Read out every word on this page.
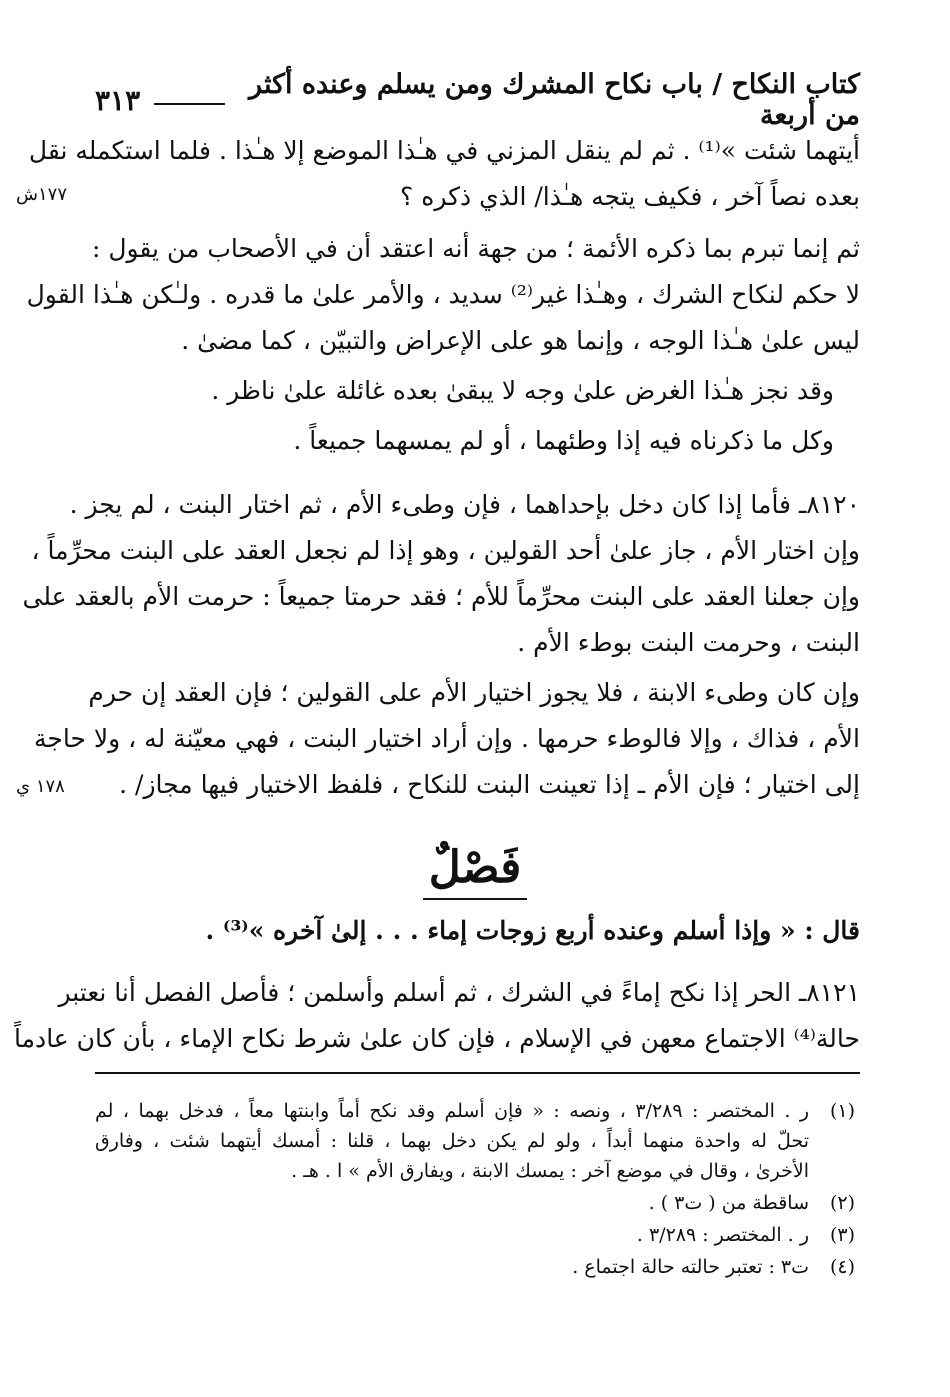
كتاب النكاح / باب نكاح المشرك ومن يسلم وعنده أكثر من أربعة
٣١٣
أيتهما شئت »⁽¹⁾ . ثم لم ينقل المزني في هـٰذا الموضع إلا هـٰذا . فلما استكمله نقل
بعده نصاً آخر ، فكيف يتجه هـٰذا/ الذي ذكره ؟
١٧٧ش
ثم إنما تبرم بما ذكره الأئمة ؛ من جهة أنه اعتقد أن في الأصحاب من يقول :
لا حكم لنكاح الشرك ، وهـٰذا غير⁽²⁾ سديد ، والأمر علىٰ ما قدره . ولـٰكن هـٰذا القول
ليس علىٰ هـٰذا الوجه ، وإنما هو على الإعراض والتبيّن ، كما مضىٰ .
وقد نجز هـٰذا الغرض علىٰ وجه لا يبقىٰ بعده غائلة علىٰ ناظر .
وكل ما ذكرناه فيه إذا وطئهما ، أو لم يمسهما جميعاً .
٨١٢٠ـ فأما إذا كان دخل بإحداهما ، فإن وطىء الأم ، ثم اختار البنت ، لم يجز .
وإن اختار الأم ، جاز علىٰ أحد القولين ، وهو إذا لم نجعل العقد على البنت محرِّماً ،
وإن جعلنا العقد على البنت محرِّماً للأم ؛ فقد حرمتا جميعاً : حرمت الأم بالعقد على
البنت ، وحرمت البنت بوطء الأم .
وإن كان وطىء الابنة ، فلا يجوز اختيار الأم على القولين ؛ فإن العقد إن حرم
الأم ، فذاك ، وإلا فالوطء حرمها . وإن أراد اختيار البنت ، فهي معيّنة له ، ولا حاجة
إلى اختيار ؛ فإن الأم ـ إذا تعينت البنت للنكاح ، فلفظ الاختيار فيها مجاز/ .
١٧٨ ي
فَصْلٌ
قال : « وإذا أسلم وعنده أربع زوجات إماء . . . إلىٰ آخره »⁽³⁾ .
٨١٢١ـ الحر إذا نكح إماءً في الشرك ، ثم أسلم وأسلمن ؛ فأصل الفصل أنا نعتبر
حالة⁽⁴⁾ الاجتماع معهن في الإسلام ، فإن كان علىٰ شرط نكاح الإماء ، بأن كان عادماً
(١)
ر . المختصر : ٣/٢٨٩ ، ونصه : « فإن أسلم وقد نكح أماً وابنتها معاً ، فدخل بهما ، لم
تحلّ له واحدة منهما أبداً ، ولو لم يكن دخل بهما ، قلنا : أمسك أيتهما شئت ، وفارق
الأخرىٰ ، وقال في موضع آخر : يمسك الابنة ، ويفارق الأم » ا . هـ .
(٢)
ساقطة من ( ت٣ ) .
(٣)
ر . المختصر : ٣/٢٨٩ .
(٤)
ت٣ : تعتبر حالته حالة اجتماع .
